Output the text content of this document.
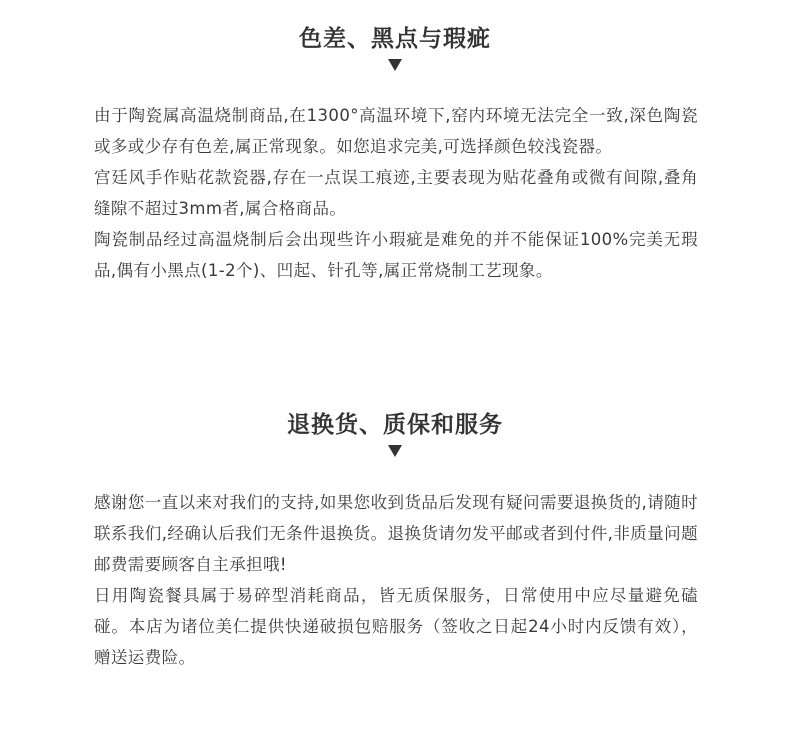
色差、黑点与瑕疵

由于陶瓷属高温烧制商品,在1300°高温环境下,窑内环境无法完全一致,深色陶瓷或多或少存有色差,属正常现象。如您追求完美,可选择颜色较浅瓷器。

宫廷风手作贴花款瓷器,存在一点误工痕迹,主要表现为贴花叠角或微有间隙,叠角缝隙不超过3mm者,属合格商品。

陶瓷制品经过高温烧制后会出现些许小瑕疵是难免的并不能保证100%完美无瑕品,偶有小黑点(1-2个)、凹起、针孔等,属正常烧制工艺现象。

退换货、质保和服务

感谢您一直以来对我们的支持,如果您收到货品后发现有疑问需要退换货的,请随时联系我们,经确认后我们无条件退换货。退换货请勿发平邮或者到付件,非质量问题邮费需要顾客自主承担哦!

日用陶瓷餐具属于易碎型消耗商品，皆无质保服务，日常使用中应尽量避免磕碰。本店为诸位美仁提供快递破损包赔服务（签收之日起24小时内反馈有效），赠送运费险。
